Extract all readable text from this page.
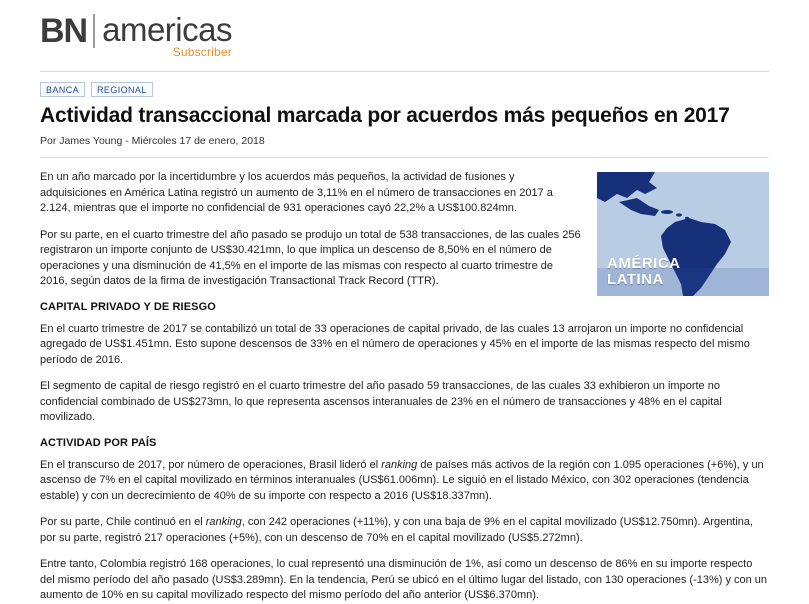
BN americas
Subscriber
BANCA	REGIONAL
Actividad transaccional marcada por acuerdos más pequeños en 2017
Por James Young - Miércoles 17 de enero, 2018
AMÉRICA
LATINA

En un año marcado por la incertidumbre y los acuerdos más pequeños, la actividad de fusiones y adquisiciones en América Latina registró un aumento de 3,11% en el número de transacciones en 2017 a 2.124, mientras que el importe no confidencial de 931 operaciones cayó 22,2% a US$100.824mn.

Por su parte, en el cuarto trimestre del año pasado se produjo un total de 538 transacciones, de las cuales 256 registraron un importe conjunto de US$30.421mn, lo que implica un descenso de 8,50% en el número de operaciones y una disminución de 41,5% en el importe de las mismas con respecto al cuarto trimestre de 2016, según datos de la firma de investigación Transactional Track Record (TTR).

CAPITAL PRIVADO Y DE RIESGO

En el cuarto trimestre de 2017 se contabilizó un total de 33 operaciones de capital privado, de las cuales 13 arrojaron un importe no confidencial agregado de US$1.451mn. Esto supone descensos de 33% en el número de operaciones y 45% en el importe de las mismas respecto del mismo período de 2016.

El segmento de capital de riesgo registró en el cuarto trimestre del año pasado 59 transacciones, de las cuales 33 exhibieron un importe no confidencial combinado de US$273mn, lo que representa ascensos interanuales de 23% en el número de transacciones y 48% en el capital movilizado.

ACTIVIDAD POR PAÍS

En el transcurso de 2017, por número de operaciones, Brasil lideró el ranking de países más activos de la región con 1.095 operaciones (+6%), y un ascenso de 7% en el capital movilizado en términos interanuales (US$61.006mn). Le siguió en el listado México, con 302 operaciones (tendencia estable) y con un decrecimiento de 40% de su importe con respecto a 2016 (US$18.337mn).

Por su parte, Chile continuó en el ranking, con 242 operaciones (+11%), y con una baja de 9% en el capital movilizado (US$12.750mn). Argentina, por su parte, registró 217 operaciones (+5%), con un descenso de 70% en el capital movilizado (US$5.272mn).

Entre tanto, Colombia registró 168 operaciones, lo cual representó una disminución de 1%, así como un descenso de 86% en su importe respecto del mismo período del año pasado (US$3.289mn). En la tendencia, Perú se ubicó en el último lugar del listado, con 130 operaciones (-13%) y con un aumento de 10% en su capital movilizado respecto del mismo período del año anterior (US$6.370mn).
